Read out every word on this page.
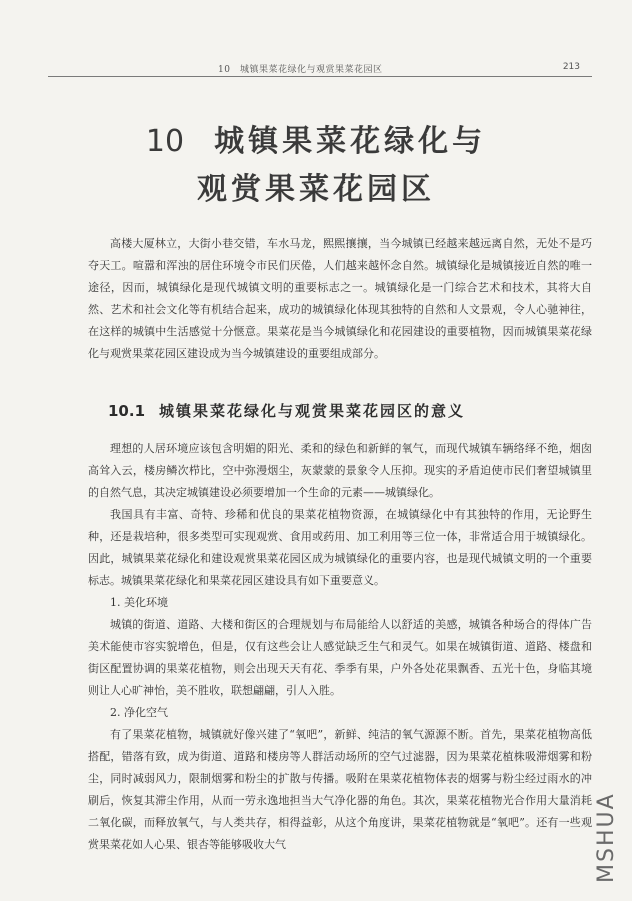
10　城镇果菜花绿化与观赏果菜花园区	213
10 城镇果菜花绿化与
观赏果菜花园区

高楼大厦林立，大街小巷交错，车水马龙，熙熙攘攘，当今城镇已经越来越远离自然，无处不是巧夺天工。喧嚣和浑浊的居住环境令市民们厌倦，人们越来越怀念自然。城镇绿化是城镇接近自然的唯一途径，因而，城镇绿化是现代城镇文明的重要标志之一。城镇绿化是一门综合艺术和技术，其将大自然、艺术和社会文化等有机结合起来，成功的城镇绿化体现其独特的自然和人文景观，令人心驰神往，在这样的城镇中生活感觉十分惬意。果菜花是当今城镇绿化和花园建设的重要植物，因而城镇果菜花绿化与观赏果菜花园区建设成为当今城镇建设的重要组成部分。

10.1 城镇果菜花绿化与观赏果菜花园区的意义

理想的人居环境应该包含明媚的阳光、柔和的绿色和新鲜的氧气，而现代城镇车辆络绎不绝，烟囱高耸入云，楼房鳞次栉比，空中弥漫烟尘，灰蒙蒙的景象令人压抑。现实的矛盾迫使市民们奢望城镇里的自然气息，其决定城镇建设必须要增加一个生命的元素——城镇绿化。

我国具有丰富、奇特、珍稀和优良的果菜花植物资源，在城镇绿化中有其独特的作用，无论野生种，还是栽培种，很多类型可实现观赏、食用或药用、加工利用等三位一体，非常适合用于城镇绿化。因此，城镇果菜花绿化和建设观赏果菜花园区成为城镇绿化的重要内容，也是现代城镇文明的一个重要标志。城镇果菜花绿化和果菜花园区建设具有如下重要意义。

1. 美化环境

城镇的街道、道路、大楼和街区的合理规划与布局能给人以舒适的美感，城镇各种场合的得体广告美术能使市容实貌增色，但是，仅有这些会让人感觉缺乏生气和灵气。如果在城镇街道、道路、楼盘和街区配置协调的果菜花植物，则会出现天天有花、季季有果，户外各处花果飘香、五光十色，身临其境则让人心旷神怡，美不胜收，联想翩翩，引人入胜。

2. 净化空气

有了果菜花植物，城镇就好像兴建了“氧吧”，新鲜、纯洁的氧气源源不断。首先，果菜花植物高低搭配，错落有致，成为街道、道路和楼房等人群活动场所的空气过滤器，因为果菜花植株吸滞烟雾和粉尘，同时减弱风力，限制烟雾和粉尘的扩散与传播。吸附在果菜花植物体表的烟雾与粉尘经过雨水的冲刷后，恢复其滞尘作用，从而一劳永逸地担当大气净化器的角色。其次，果菜花植物光合作用大量消耗二氧化碳，而释放氧气，与人类共存，相得益彰，从这个角度讲，果菜花植物就是“氧吧”。还有一些观赏果菜花如人心果、银杏等能够吸收大气	MSHUA
